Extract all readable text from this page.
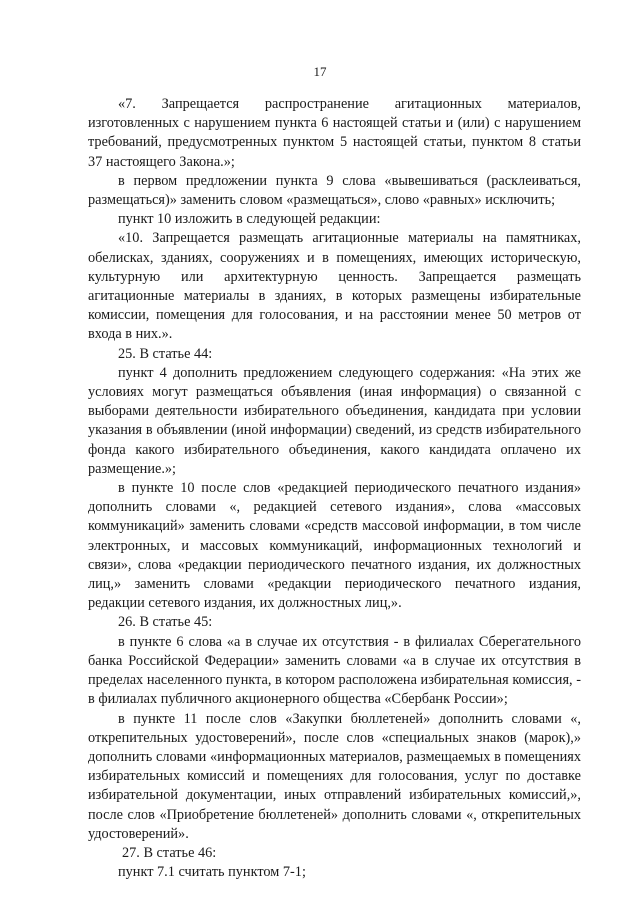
17

«7. Запрещается распространение агитационных материалов, изготовленных с нарушением пункта 6 настоящей статьи и (или) с нарушением требований, предусмотренных пунктом 5 настоящей статьи, пунктом 8 статьи 37 настоящего Закона.»;

в первом предложении пункта 9 слова «вывешиваться (расклеиваться, размещаться)» заменить словом «размещаться», слово «равных» исключить;

пункт 10 изложить в следующей редакции:

«10. Запрещается размещать агитационные материалы на памятниках, обелисках, зданиях, сооружениях и в помещениях, имеющих историческую, культурную или архитектурную ценность. Запрещается размещать агитационные материалы в зданиях, в которых размещены избирательные комиссии, помещения для голосования, и на расстоянии менее 50 метров от входа в них.».

25. В статье 44:

пункт 4 дополнить предложением следующего содержания: «На этих же условиях могут размещаться объявления (иная информация) о связанной с выборами деятельности избирательного объединения, кандидата при условии указания в объявлении (иной информации) сведений, из средств избирательного фонда какого избирательного объединения, какого кандидата оплачено их размещение.»;

в пункте 10 после слов «редакцией периодического печатного издания» дополнить словами «, редакцией сетевого издания», слова «массовых коммуникаций» заменить словами «средств массовой информации, в том числе электронных, и массовых коммуникаций, информационных технологий и связи», слова «редакции периодического печатного издания, их должностных лиц,» заменить словами «редакции периодического печатного издания, редакции сетевого издания, их должностных лиц,».

26. В статье 45:

в пункте 6 слова «а в случае их отсутствия - в филиалах Сберегательного банка Российской Федерации» заменить словами «а в случае их отсутствия в пределах населенного пункта, в котором расположена избирательная комиссия, - в филиалах публичного акционерного общества «Сбербанк России»;

в пункте 11 после слов «Закупки бюллетеней» дополнить словами «, открепительных удостоверений», после слов «специальных знаков (марок),» дополнить словами «информационных материалов, размещаемых в помещениях избирательных комиссий и помещениях для голосования, услуг по доставке избирательной документации, иных отправлений избирательных комиссий,», после слов «Приобретение бюллетеней» дополнить словами «, открепительных удостоверений».

27. В статье 46:

пункт 7.1 считать пунктом 7-1;
